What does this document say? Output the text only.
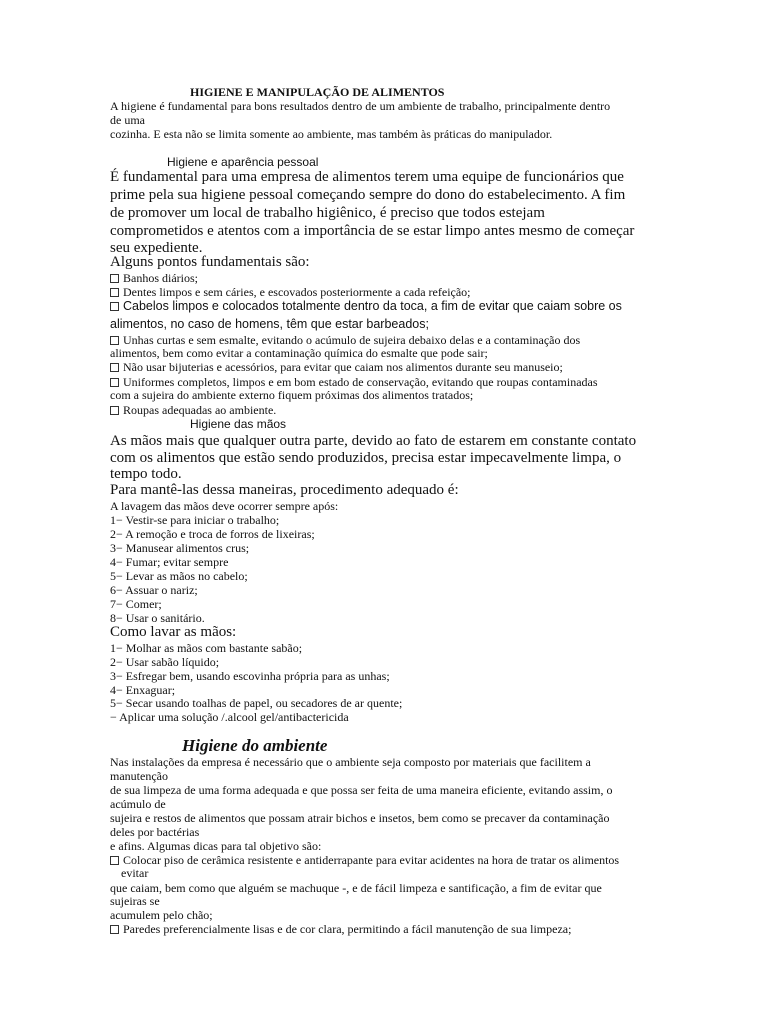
HIGIENE E MANIPULAÇÃO DE ALIMENTOS
A higiene é fundamental para bons resultados dentro de um ambiente de trabalho, principalmente dentro
de uma
cozinha. E esta não se limita somente ao ambiente, mas também às práticas do manipulador.
Higiene e aparência pessoal
É fundamental para uma empresa de alimentos terem uma equipe de funcionários que
prime pela sua higiene pessoal começando sempre do dono do estabelecimento. A fim
de promover um local de trabalho higiênico, é preciso que todos estejam
comprometidos e atentos com a importância de se estar limpo antes mesmo de começar
seu expediente.
Alguns pontos fundamentais são:
Banhos diários;
Dentes limpos e sem cáries, e escovados posteriormente a cada refeição;
Cabelos limpos e colocados totalmente dentro da toca, a fim de evitar que caiam sobre os
alimentos, no caso de homens, têm que estar barbeados;
Unhas curtas e sem esmalte, evitando o acúmulo de sujeira debaixo delas e a contaminação dos
alimentos, bem como evitar a contaminação química do esmalte que pode sair;
Não usar bijuterias e acessórios, para evitar que caiam nos alimentos durante seu manuseio;
Uniformes completos, limpos e em bom estado de conservação, evitando que roupas contaminadas
com a sujeira do ambiente externo fiquem próximas dos alimentos tratados;
Roupas adequadas ao ambiente.
Higiene das mãos
As mãos mais que qualquer outra parte, devido ao fato de estarem em constante contato
com os alimentos que estão sendo produzidos, precisa estar impecavelmente limpa, o
tempo todo.
Para mantê-las dessa maneiras, procedimento adequado é:
A lavagem das mãos deve ocorrer sempre após:
1− Vestir-se para iniciar o trabalho;
2− A remoção e troca de forros de lixeiras;
3− Manusear alimentos crus;
4− Fumar; evitar sempre
5− Levar as mãos no cabelo;
6− Assuar o nariz;
7− Comer;
8− Usar o sanitário.
Como lavar as mãos:
1− Molhar as mãos com bastante sabão;
2− Usar sabão líquido;
3− Esfregar bem, usando escovinha própria para as unhas;
4− Enxaguar;
5− Secar usando toalhas de papel, ou secadores de ar quente;
− Aplicar uma solução /.alcool gel/antibactericida
Higiene do ambiente
Nas instalações da empresa é necessário que o ambiente seja composto por materiais que facilitem a
manutenção
de sua limpeza de uma forma adequada e que possa ser feita de uma maneira eficiente, evitando assim, o
acúmulo de
sujeira e restos de alimentos que possam atrair bichos e insetos, bem como se precaver da contaminação
deles por bactérias
e afins. Algumas dicas para tal objetivo são:
Colocar piso de cerâmica resistente e antiderrapante para evitar acidentes na hora de tratar os alimentos
evitar
que caiam, bem como que alguém se machuque -, e de fácil limpeza e santificação, a fim de evitar que
sujeiras se
acumulem pelo chão;
Paredes preferencialmente lisas e de cor clara, permitindo a fácil manutenção de sua limpeza;
